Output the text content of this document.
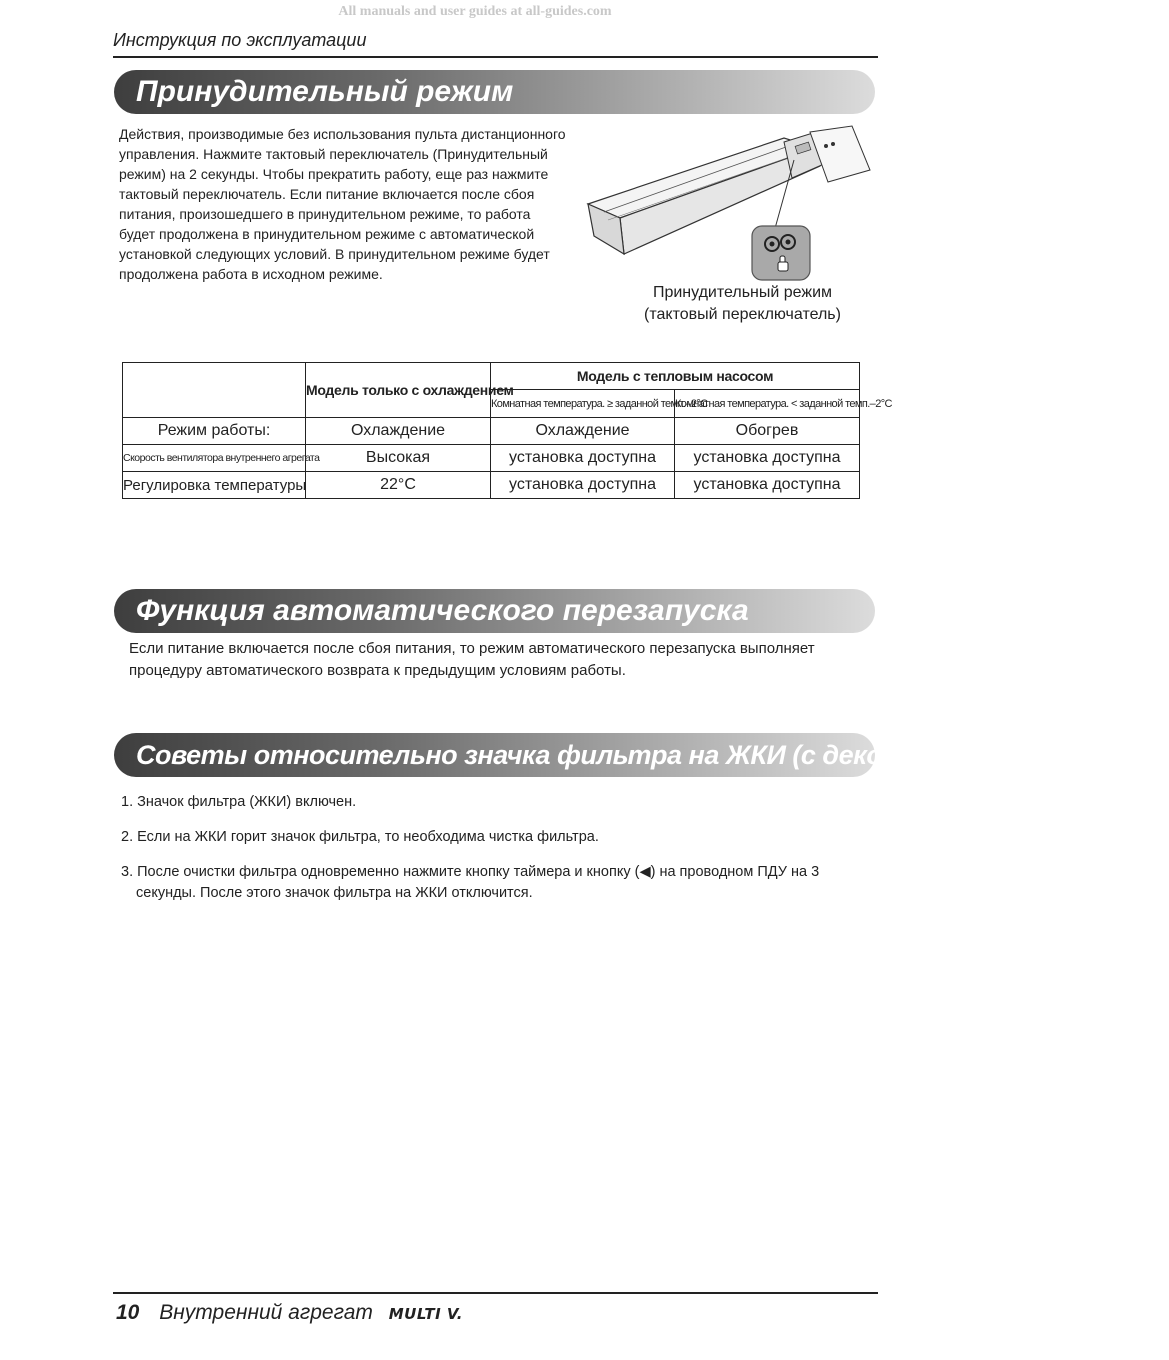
All manuals and user guides at all-guides.com
Инструкция по эксплуатации
Принудительный режим
Действия, производимые без использования пульта дистанционного управления. Нажмите тактовый переключатель (Принудительный режим) на 2 секунды. Чтобы прекратить работу, еще раз нажмите тактовый переключатель. Если питание включается после сбоя питания, произошедшего в принудительном режиме, то работа будет продолжена в принудительном режиме с автоматической установкой следующих условий. В принудительном режиме будет продолжена работа в исходном режиме.
Принудительный режим
(тактовый переключатель)
	Модель только с охлаждением	Модель с тепловым насосом	
		Комнатная температура. ≥ заданной темп.–2°C	Комнатная температура. < заданной темп.–2°C
Режим работы:	Охлаждение	Охлаждение	Обогрев
Скорость вентилятора внутреннего агрегата	Высокая	установка доступна	установка доступна
Регулировка температуры	22°C	установка доступна	установка доступна
Функция автоматического перезапуска
Если питание включается после сбоя питания, то режим автоматического перезапуска выполняет процедуру автоматического возврата к предыдущим условиям работы.
Советы относительно значка фильтра на ЖКИ (с декоративной решеткой)
1. Значок фильтра (ЖКИ) включен.
2. Если на ЖКИ горит значок фильтра, то необходима чистка фильтра.
3. После очистки фильтра одновременно нажмите кнопку таймера и кнопку (◀) на проводном ПДУ на 3 секунды. После этого значок фильтра на ЖКИ отключится.
10 Внутренний агрегат MULTI V.
